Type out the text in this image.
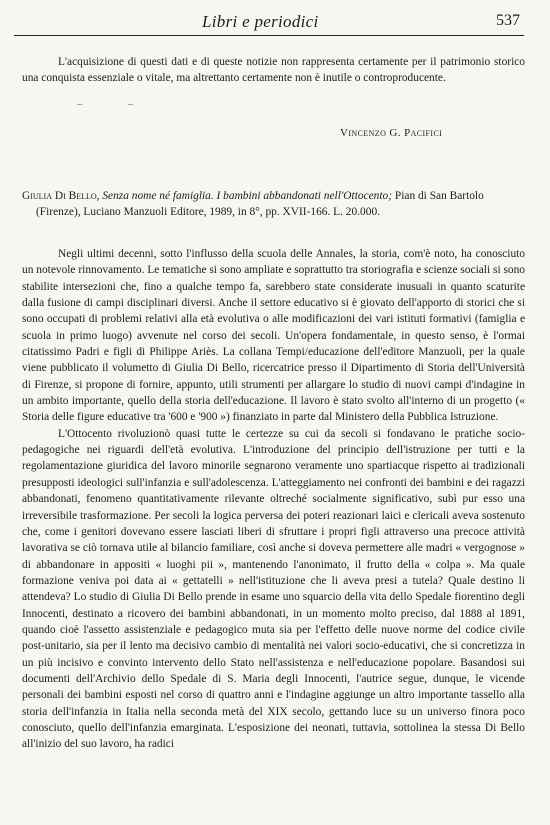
Libri e periodici	537
L'acquisizione di questi dati e di queste notizie non rappresenta certamente per il patrimonio storico una conquista essenziale o vitale, ma altrettanto certamente non è inutile o controproducente.
–	–
Vincenzo G. Pacifici
Giulia Di Bello, Senza nome né famiglia. I bambini abbandonati nell'Ottocento; Pian di San Bartolo (Firenze), Luciano Manzuoli Editore, 1989, in 8°, pp. XVII-166. L. 20.000.

Negli ultimi decenni, sotto l'influsso della scuola delle Annales, la storia, com'è noto, ha conosciuto un notevole rinnovamento. Le tematiche si sono ampliate e soprattutto tra storiografia e scienze sociali si sono stabilite intersezioni che, fino a qualche tempo fa, sarebbero state considerate inusuali in quanto scaturite dalla fusione di campi disciplinari diversi. Anche il settore educativo si è giovato dell'apporto di storici che si sono occupati di problemi relativi alla età evolutiva o alle modificazioni dei vari istituti formativi (famiglia e scuola in primo luogo) avvenute nel corso dei secoli. Un'opera fondamentale, in questo senso, è l'ormai citatissimo Padri e figli di Philippe Ariès. La collana Tempi/educazione dell'editore Manzuoli, per la quale viene pubblicato il volumetto di Giulia Di Bello, ricercatrice presso il Dipartimento di Storia dell'Università di Firenze, si propone di fornire, appunto, utili strumenti per allargare lo studio di nuovi campi d'indagine in un ambito importante, quello della storia dell'educazione. Il lavoro è stato svolto all'interno di un progetto (« Storia delle figure educative tra '600 e '900 ») finanziato in parte dal Ministero della Pubblica Istruzione.

L'Ottocento rivoluzionò quasi tutte le certezze su cui da secoli si fondavano le pratiche socio-pedagogiche nei riguardi dell'età evolutiva. L'introduzione del principio dell'istruzione per tutti e la regolamentazione giuridica del lavoro minorile segnarono veramente uno spartiacque rispetto ai tradizionali presupposti ideologici sull'infanzia e sull'adolescenza. L'atteggiamento nei confronti dei bambini e dei ragazzi abbandonati, fenomeno quantitativamente rilevante oltreché socialmente significativo, subì pur esso una irreversibile trasformazione. Per secoli la logica perversa dei poteri reazionari laici e clericali aveva sostenuto che, come i genitori dovevano essere lasciati liberi di sfruttare i propri figli attraverso una precoce attività lavorativa se ciò tornava utile al bilancio familiare, così anche si doveva permettere alle madri « vergognose » di abbandonare in appositi « luoghi pii », mantenendo l'anonimato, il frutto della « colpa ». Ma quale formazione veniva poi data ai « gettatelli » nell'istituzione che li aveva presi a tutela? Quale destino li attendeva? Lo studio di Giulia Di Bello prende in esame uno squarcio della vita dello Spedale fiorentino degli Innocenti, destinato a ricovero dei bambini abbandonati, in un momento molto preciso, dal 1888 al 1891, quando cioè l'assetto assistenziale e pedagogico muta sia per l'effetto delle nuove norme del codice civile post-unitario, sia per il lento ma decisivo cambio di mentalità nei valori socio-educativi, che si concretizza in un più incisivo e convinto intervento dello Stato nell'assistenza e nell'educazione popolare. Basandosi sui documenti dell'Archivio dello Spedale di S. Maria degli Innocenti, l'autrice segue, dunque, le vicende personali dei bambini esposti nel corso di quattro anni e l'indagine aggiunge un altro importante tassello alla storia dell'infanzia in Italia nella seconda metà del XIX secolo, gettando luce su un universo finora poco conosciuto, quello dell'infanzia emarginata. L'esposizione dei neonati, tuttavia, sottolinea la stessa Di Bello all'inizio del suo lavoro, ha radici
